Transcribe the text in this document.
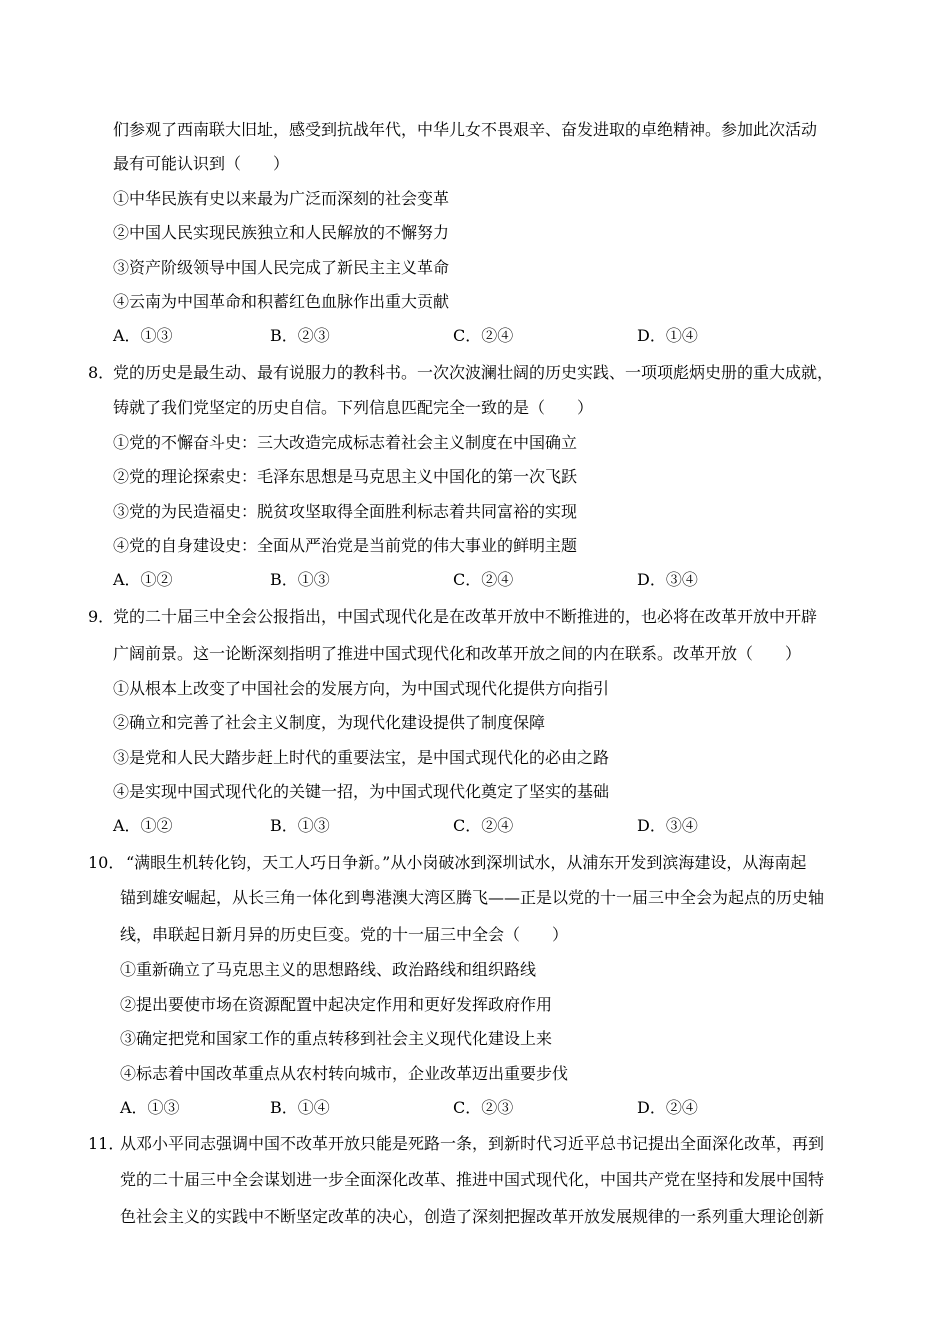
们参观了西南联大旧址，感受到抗战年代，中华儿女不畏艰辛、奋发进取的卓绝精神。参加此次活动
最有可能认识到（　　）
①中华民族有史以来最为广泛而深刻的社会变革
②中国人民实现民族独立和人民解放的不懈努力
③资产阶级领导中国人民完成了新民主主义革命
④云南为中国革命和积蓄红色血脉作出重大贡献
A．①③	B．②③	C．②④	D．①④
8．
党的历史是最生动、最有说服力的教科书。一次次波澜壮阔的历史实践、一项项彪炳史册的重大成就，
铸就了我们党坚定的历史自信。下列信息匹配完全一致的是（　　）
①党的不懈奋斗史：三大改造完成标志着社会主义制度在中国确立
②党的理论探索史：毛泽东思想是马克思主义中国化的第一次飞跃
③党的为民造福史：脱贫攻坚取得全面胜利标志着共同富裕的实现
④党的自身建设史：全面从严治党是当前党的伟大事业的鲜明主题
A．①②	B．①③	C．②④	D．③④
9．
党的二十届三中全会公报指出，中国式现代化是在改革开放中不断推进的，也必将在改革开放中开辟
广阔前景。这一论断深刻指明了推进中国式现代化和改革开放之间的内在联系。改革开放（　　）
①从根本上改变了中国社会的发展方向，为中国式现代化提供方向指引
②确立和完善了社会主义制度，为现代化建设提供了制度保障
③是党和人民大踏步赶上时代的重要法宝，是中国式现代化的必由之路
④是实现中国式现代化的关键一招，为中国式现代化奠定了坚实的基础
A．①②	B．①③	C．②④	D．③④
10． “满眼生机转化钧，天工人巧日争新。”从小岗破冰到深圳试水，从浦东开发到滨海建设，从海南起
锚到雄安崛起，从长三角一体化到粤港澳大湾区腾飞——正是以党的十一届三中全会为起点的历史轴
线，串联起日新月异的历史巨变。党的十一届三中全会（　　）
①重新确立了马克思主义的思想路线、政治路线和组织路线
②提出要使市场在资源配置中起决定作用和更好发挥政府作用
③确定把党和国家工作的重点转移到社会主义现代化建设上来
④标志着中国改革重点从农村转向城市，企业改革迈出重要步伐
A．①③	B．①④	C．②③	D．②④
11．
从邓小平同志强调中国不改革开放只能是死路一条，到新时代习近平总书记提出全面深化改革，再到
党的二十届三中全会谋划进一步全面深化改革、推进中国式现代化，中国共产党在坚持和发展中国特
色社会主义的实践中不断坚定改革的决心，创造了深刻把握改革开放发展规律的一系列重大理论创新
